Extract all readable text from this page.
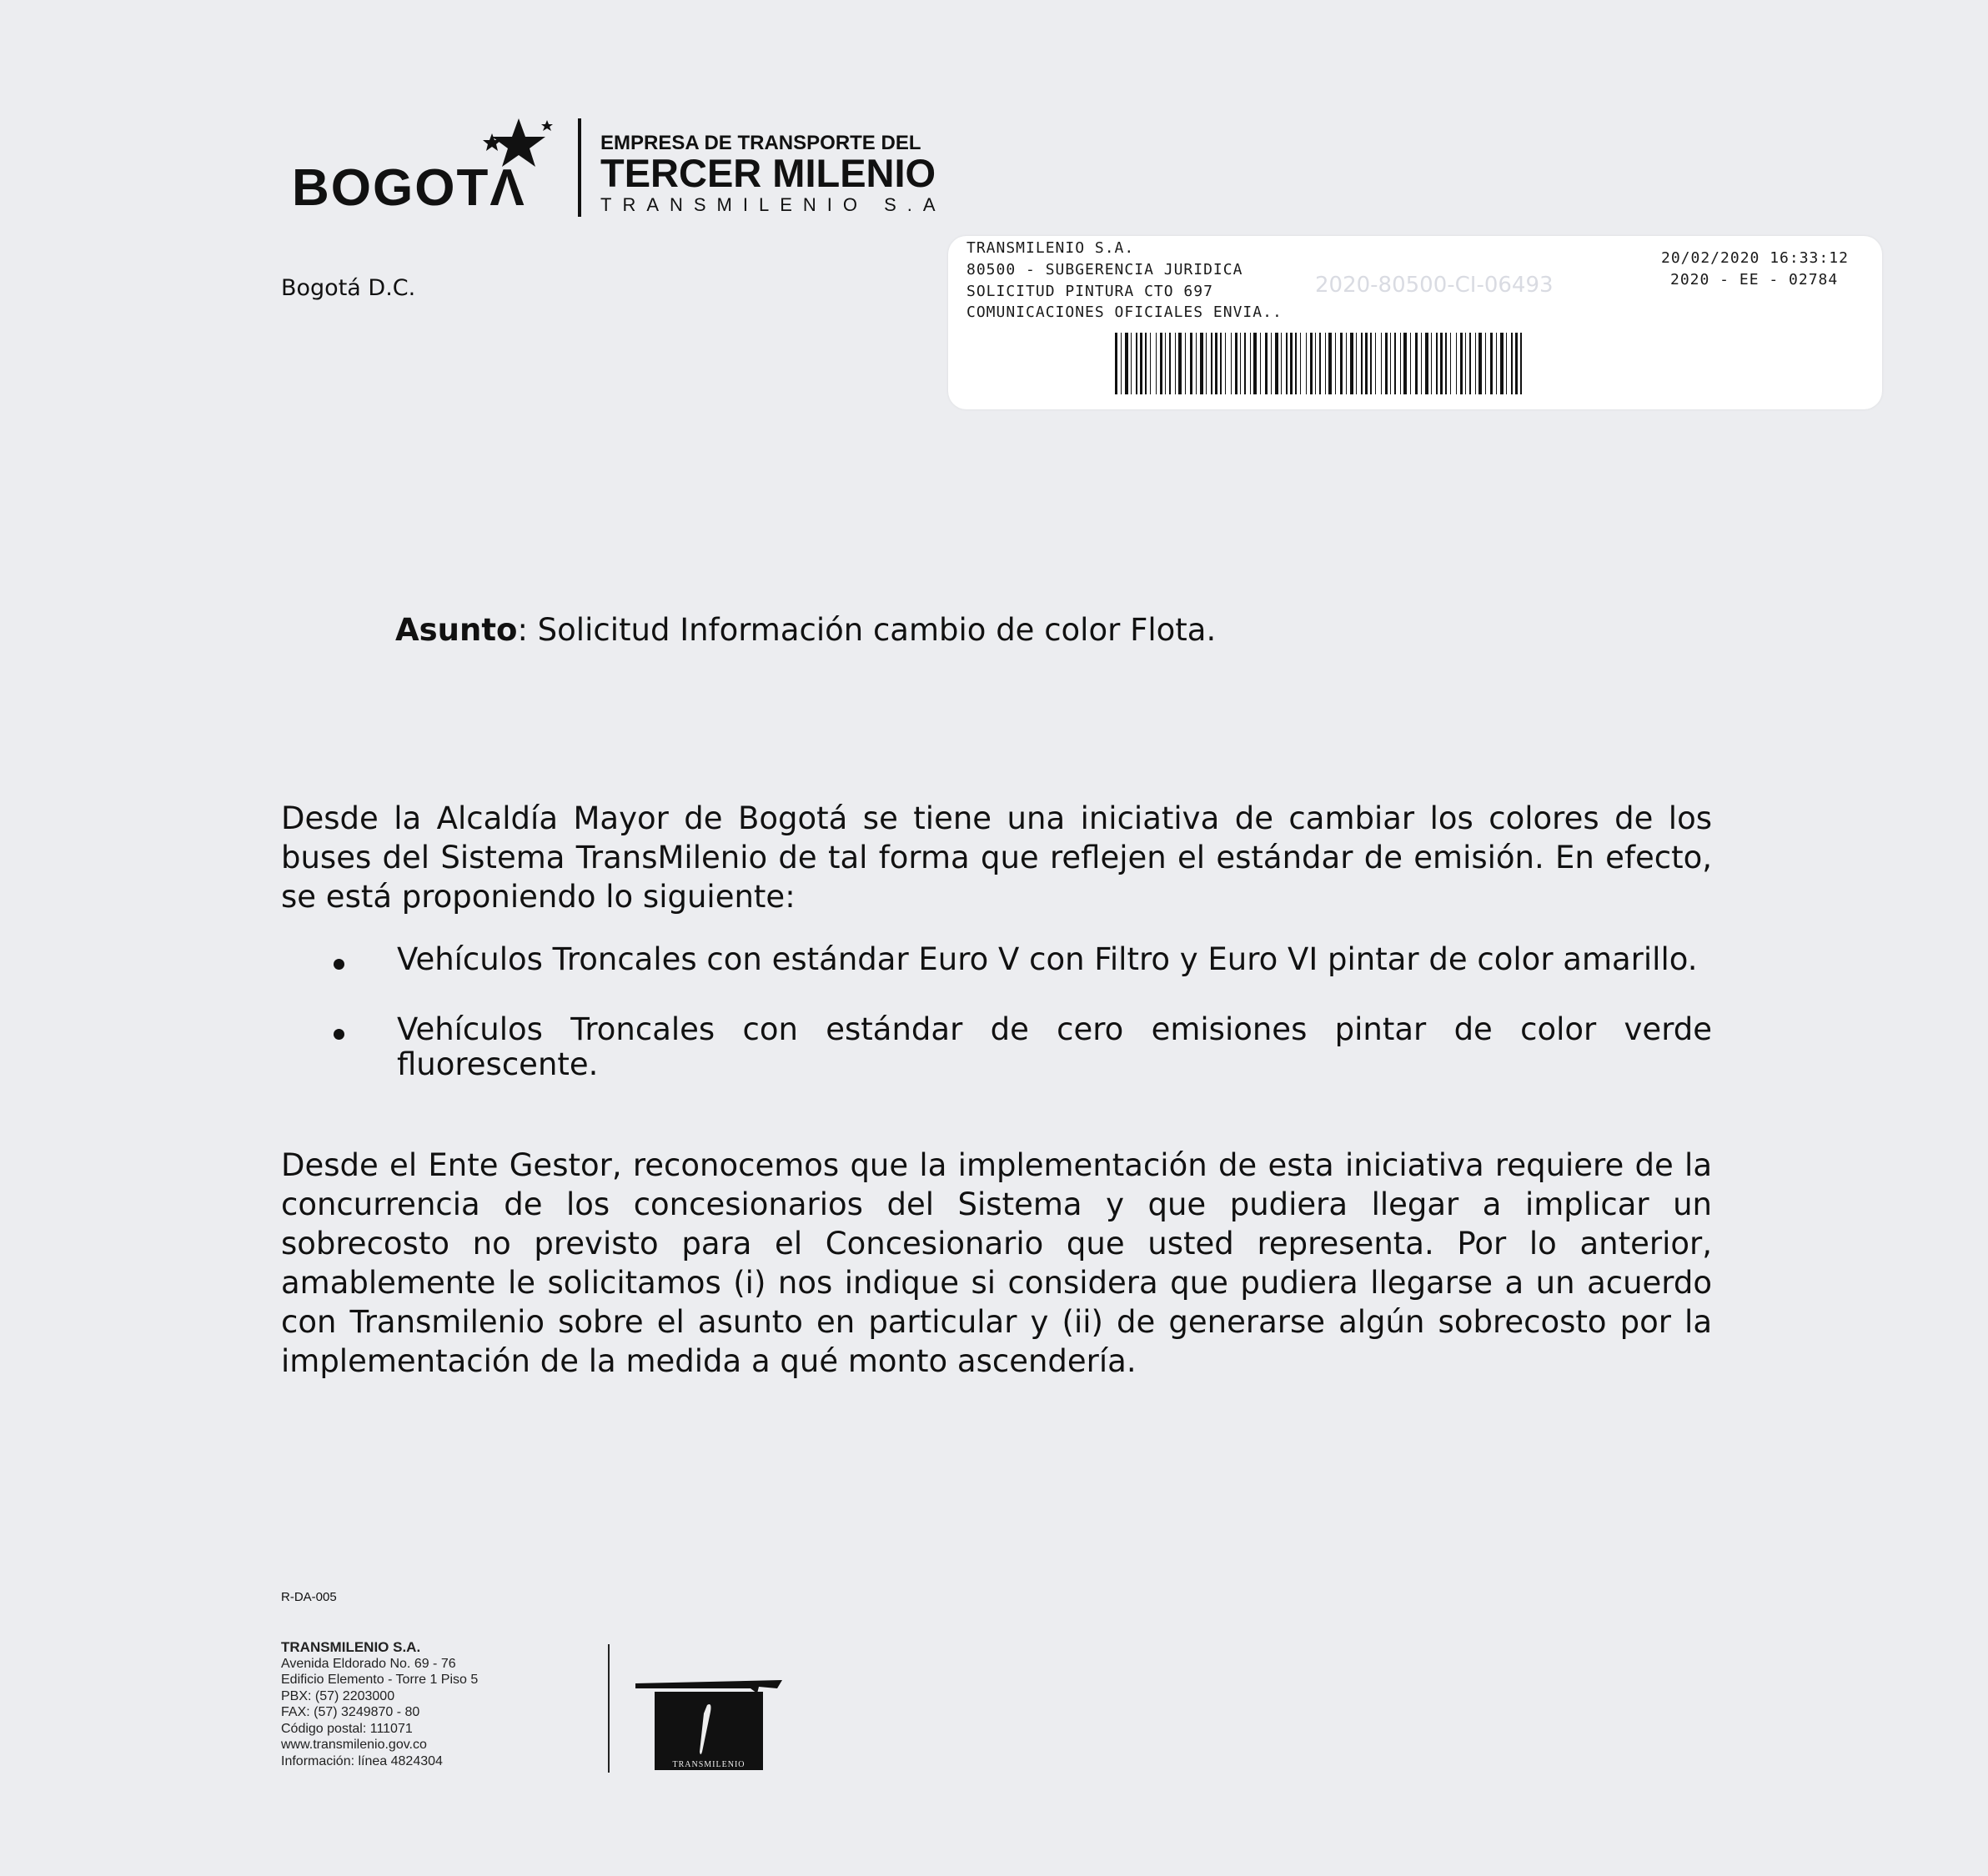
BOGOTΛ
EMPRESA DE TRANSPORTE DEL
TERCER MILENIO
TRANSMILENIO S.A
Bogotá D.C.
TRANSMILENIO S.A.
80500 - SUBGERENCIA JURIDICA
SOLICITUD PINTURA CTO 697
COMUNICACIONES OFICIALES ENVIA..
2020-80500-CI-06493
20/02/2020 16:33:12
2020 - EE - 02784
Asunto: Solicitud Información cambio de color Flota.
Desde la Alcaldía Mayor de Bogotá se tiene una iniciativa de cambiar los colores de los buses del Sistema TransMilenio de tal forma que reflejen el estándar de emisión. En efecto, se está proponiendo lo siguiente:
Vehículos Troncales con estándar Euro V con Filtro y Euro VI pintar de color amarillo.
Vehículos Troncales con estándar de cero emisiones pintar de color verde fluorescente.
Desde el Ente Gestor, reconocemos que la implementación de esta iniciativa requiere de la concurrencia de los concesionarios del Sistema y que pudiera llegar a implicar un sobrecosto no previsto para el Concesionario que usted representa. Por lo anterior, amablemente le solicitamos (i) nos indique si considera que pudiera llegarse a un acuerdo con Transmilenio sobre el asunto en particular y (ii) de generarse algún sobrecosto por la implementación de la medida a qué monto ascendería.
R-DA-005
TRANSMILENIO S.A.
Avenida Eldorado No. 69 - 76
Edificio Elemento - Torre 1 Piso 5
PBX: (57) 2203000
FAX: (57) 3249870 - 80
Código postal: 111071
www.transmilenio.gov.co
Información: línea 4824304	TRANSMILENIO
